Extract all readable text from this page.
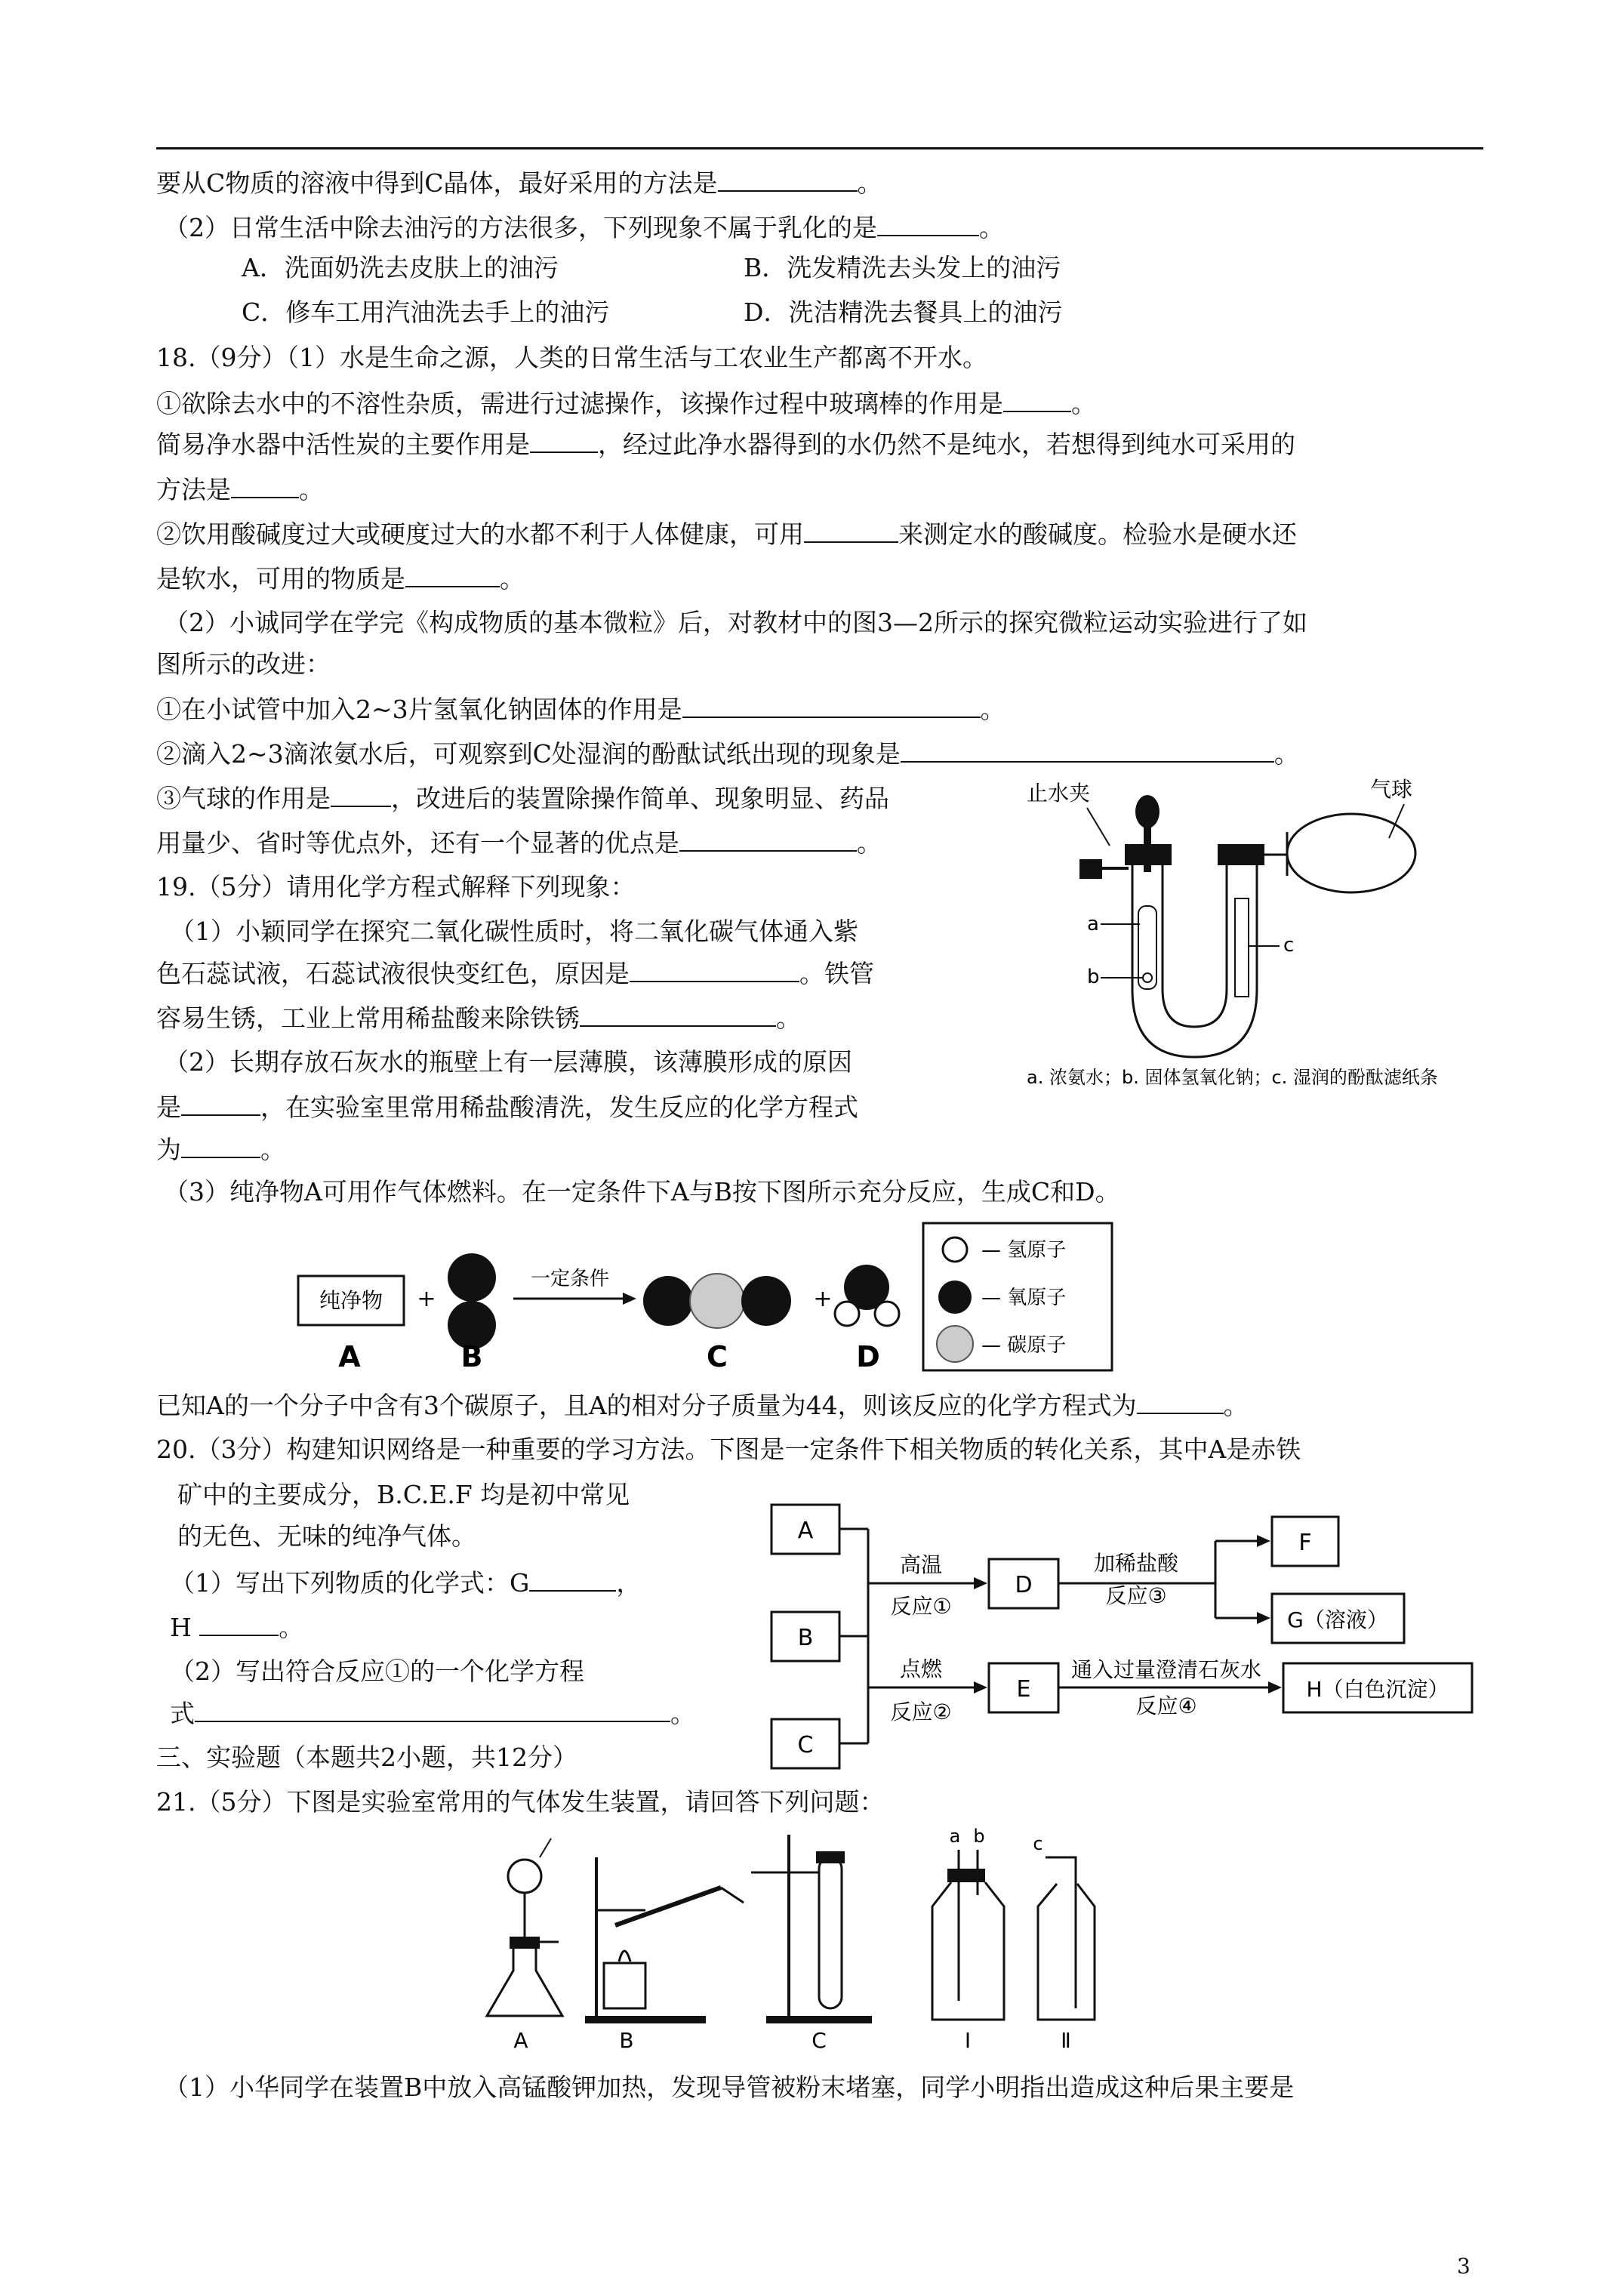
要从C物质的溶液中得到C晶体，最好采用的方法是	。
（2）日常生活中除去油污的方法很多，下列现象不属于乳化的是	。
A．洗面奶洗去皮肤上的油污	B．洗发精洗去头发上的油污
C．修车工用汽油洗去手上的油污	D．洗洁精洗去餐具上的油污
18.（9分）（1）水是生命之源，人类的日常生活与工农业生产都离不开水。
①欲除去水中的不溶性杂质，需进行过滤操作，该操作过程中玻璃棒的作用是	。
简易净水器中活性炭的主要作用是	，经过此净水器得到的水仍然不是纯水，若想得到纯水可采用的
方法是	。
②饮用酸碱度过大或硬度过大的水都不利于人体健康，可用	来测定水的酸碱度。检验水是硬水还
是软水，可用的物质是	。
（2）小诚同学在学完《构成物质的基本微粒》后，对教材中的图3—2所示的探究微粒运动实验进行了如
图所示的改进：
①在小试管中加入2~3片氢氧化钠固体的作用是	。
②滴入2~3滴浓氨水后，可观察到C处湿润的酚酞试纸出现的现象是	。
③气球的作用是 ，改进后的装置除操作简单、现象明显、药品
用量少、省时等优点外，还有一个显著的优点是	。
19.（5分）请用化学方程式解释下列现象：
（1）小颖同学在探究二氧化碳性质时，将二氧化碳气体通入紫
色石蕊试液，石蕊试液很快变红色，原因是	。铁管
容易生锈，工业上常用稀盐酸来除铁锈	。
（2）长期存放石灰水的瓶壁上有一层薄膜，该薄膜形成的原因
是	，在实验室里常用稀盐酸清洗，发生反应的化学方程式
为	。
（3）纯净物A可用作气体燃料。在一定条件下A与B按下图所示充分反应，生成C和D。
已知A的一个分子中含有3个碳原子，且A的相对分子质量为44，则该反应的化学方程式为	。
20.（3分）构建知识网络是一种重要的学习方法。下图是一定条件下相关物质的转化关系，其中A是赤铁
矿中的主要成分，B.C.E.F 均是初中常见
的无色、无味的纯净气体。
（1）写出下列物质的化学式：G	，
H	。
（2）写出符合反应①的一个化学方程
式	。
三、实验题（本题共2小题，共12分）
21.（5分）下图是实验室常用的气体发生装置，请回答下列问题：
（1）小华同学在装置B中放入高锰酸钾加热，发现导管被粉末堵塞，同学小明指出造成这种后果主要是
止水夹	气球
a
b
c
a. 浓氨水；b. 固体氢氧化钠；c. 湿润的酚酞滤纸条
纯净物 +
一定条件
+
A	B	C	D
— 氢原子
— 氧原子
— 碳原子
A
B
C
高温
反应①
点燃
反应②
D
E
加稀盐酸
反应③
F
G（溶液）
通入过量澄清石灰水
反应④
H（白色沉淀）
A	B	C
a b
Ⅰ
c
Ⅱ
3
